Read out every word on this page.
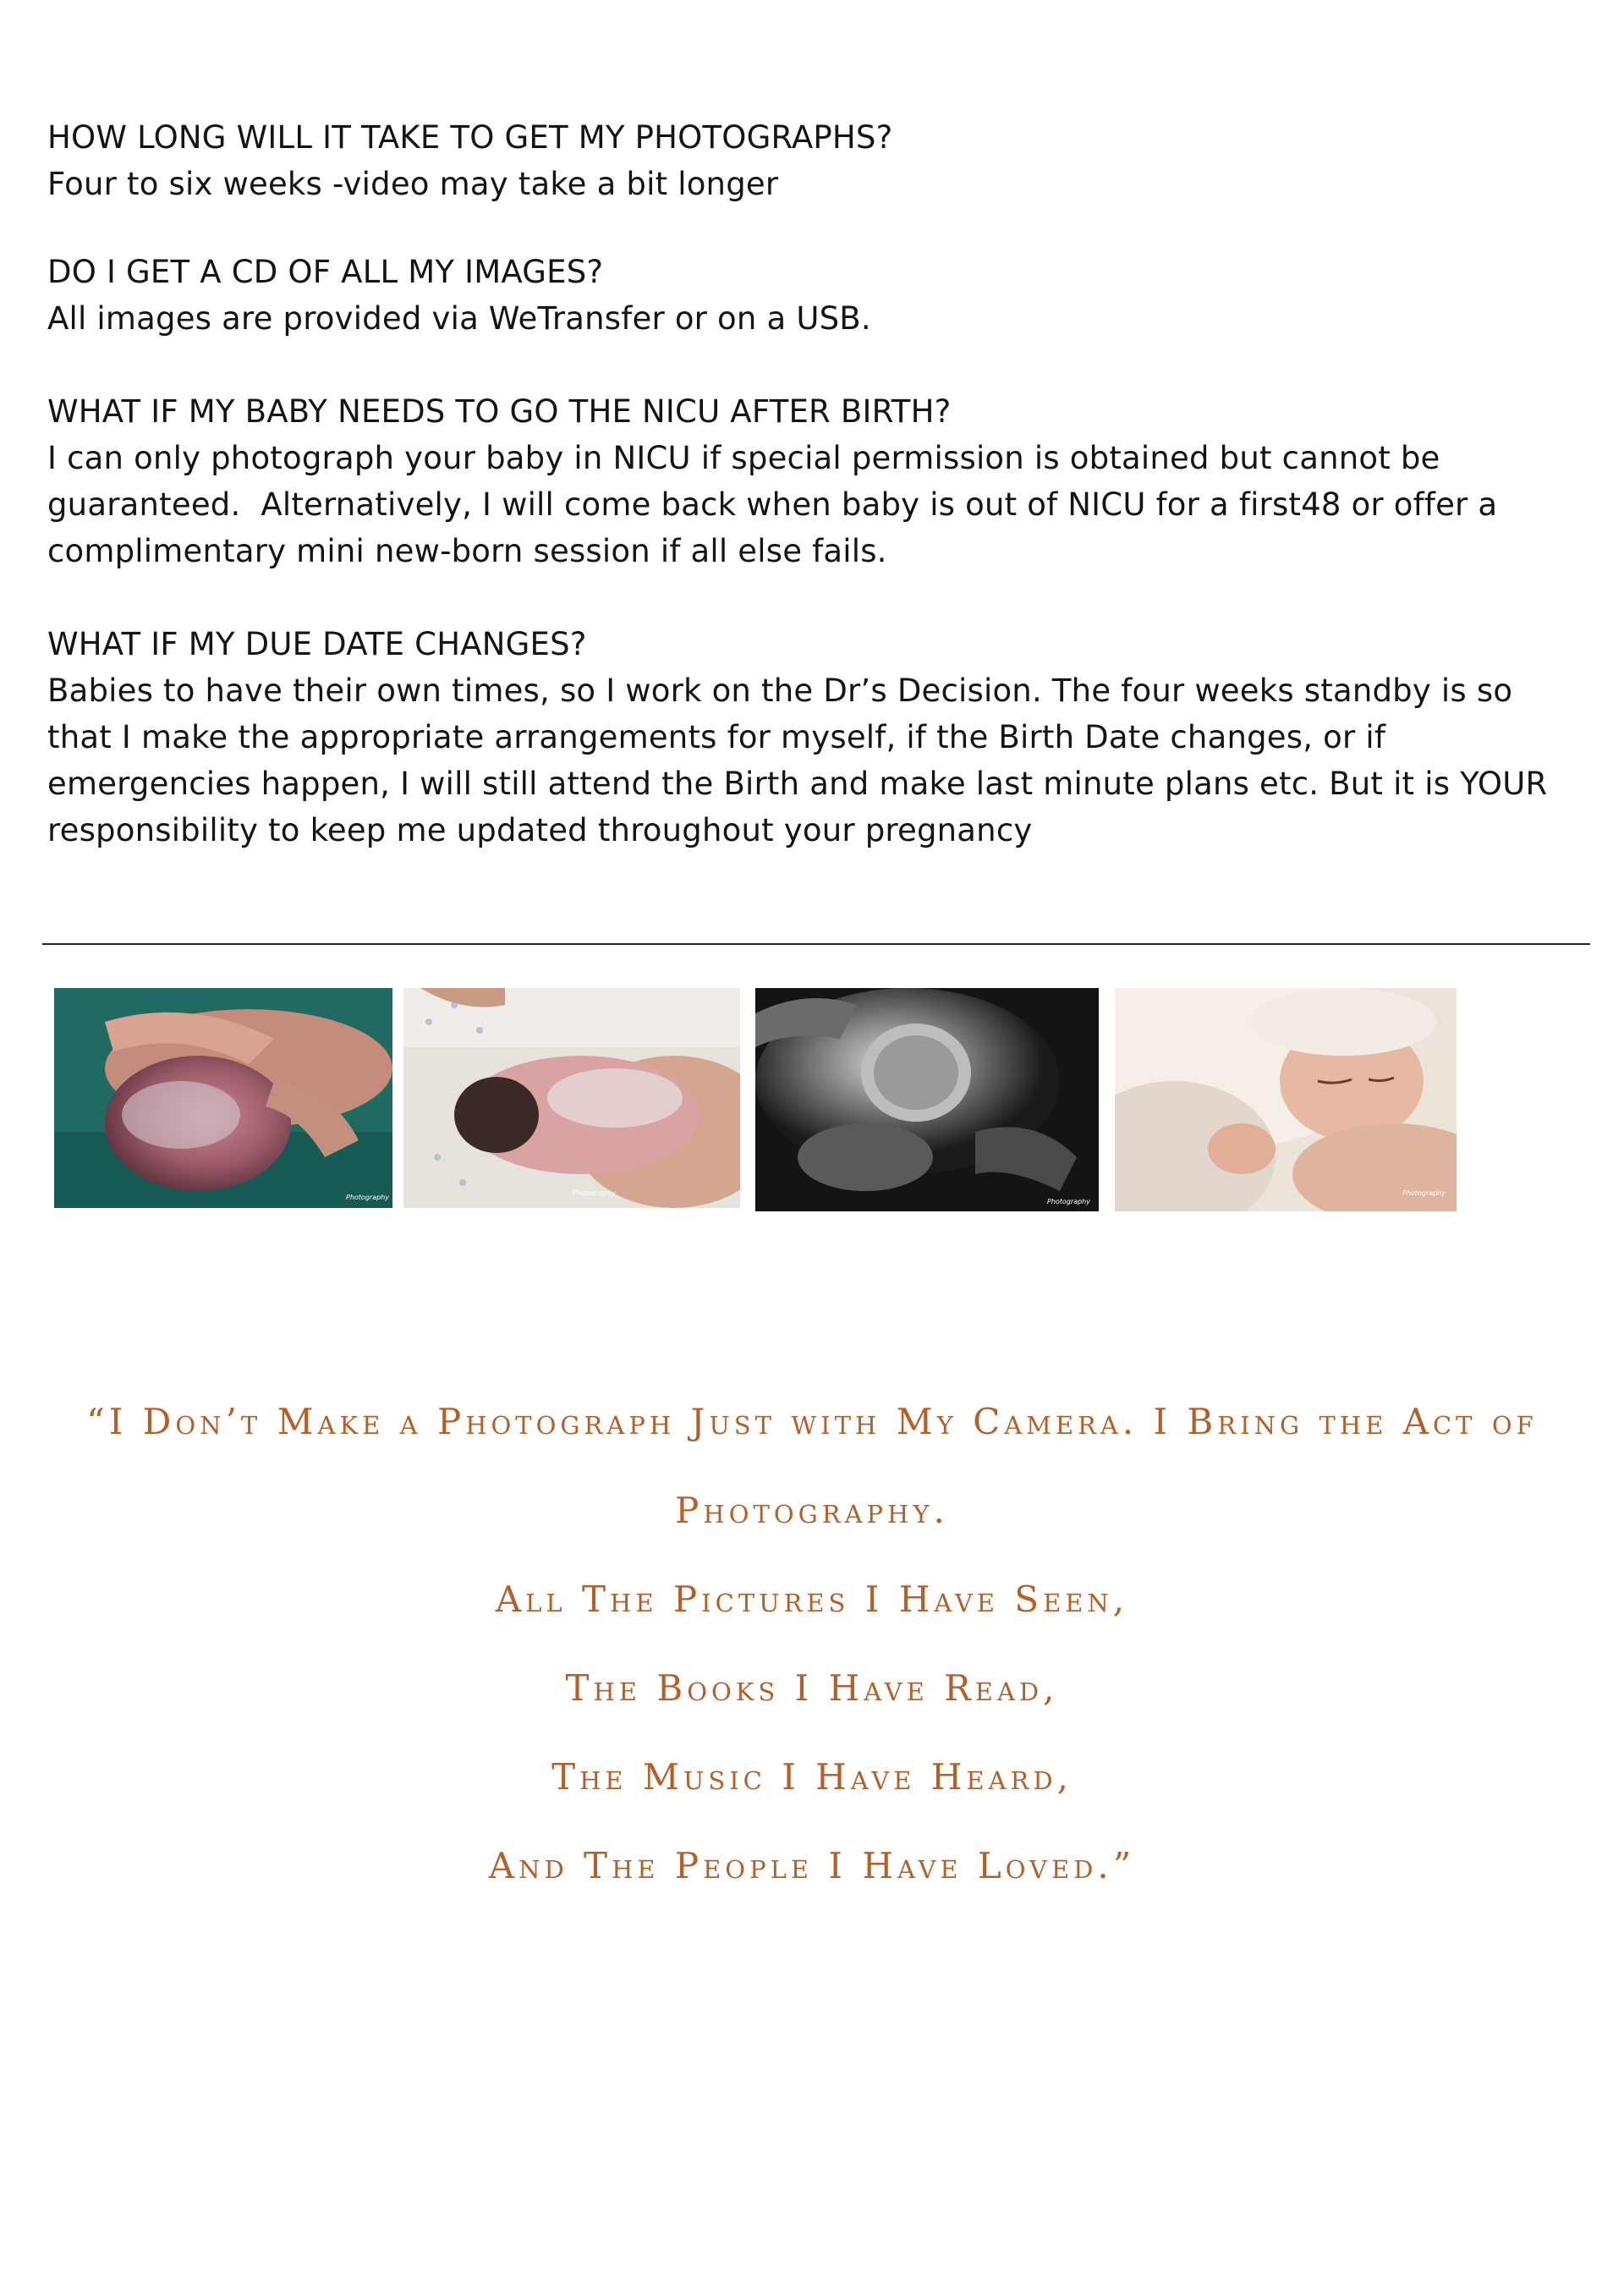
HOW LONG WILL IT TAKE TO GET MY PHOTOGRAPHS?

Four to six weeks -video may take a bit longer

DO I GET A CD OF ALL MY IMAGES?

All images are provided via WeTransfer or on a USB.

WHAT IF MY BABY NEEDS TO GO THE NICU AFTER BIRTH?

I can only photograph your baby in NICU if special permission is obtained but cannot be guaranteed.  Alternatively, I will come back when baby is out of NICU for a first48 or offer a complimentary mini new-born session if all else fails.

WHAT IF MY DUE DATE CHANGES?

Babies to have their own times, so I work on the Dr’s Decision. The four weeks standby is so that I make the appropriate arrangements for myself, if the Birth Date changes, or if emergencies happen, I will still attend the Birth and make last minute plans etc. But it is YOUR responsibility to keep me updated throughout your pregnancy

Photography
Photography
Photography
Photography

“I Don’t Make a Photograph Just with My Camera. I Bring the Act of

Photography.

All The Pictures I Have Seen,

The Books I Have Read,

The Music I Have Heard,

And The People I Have Loved.”
